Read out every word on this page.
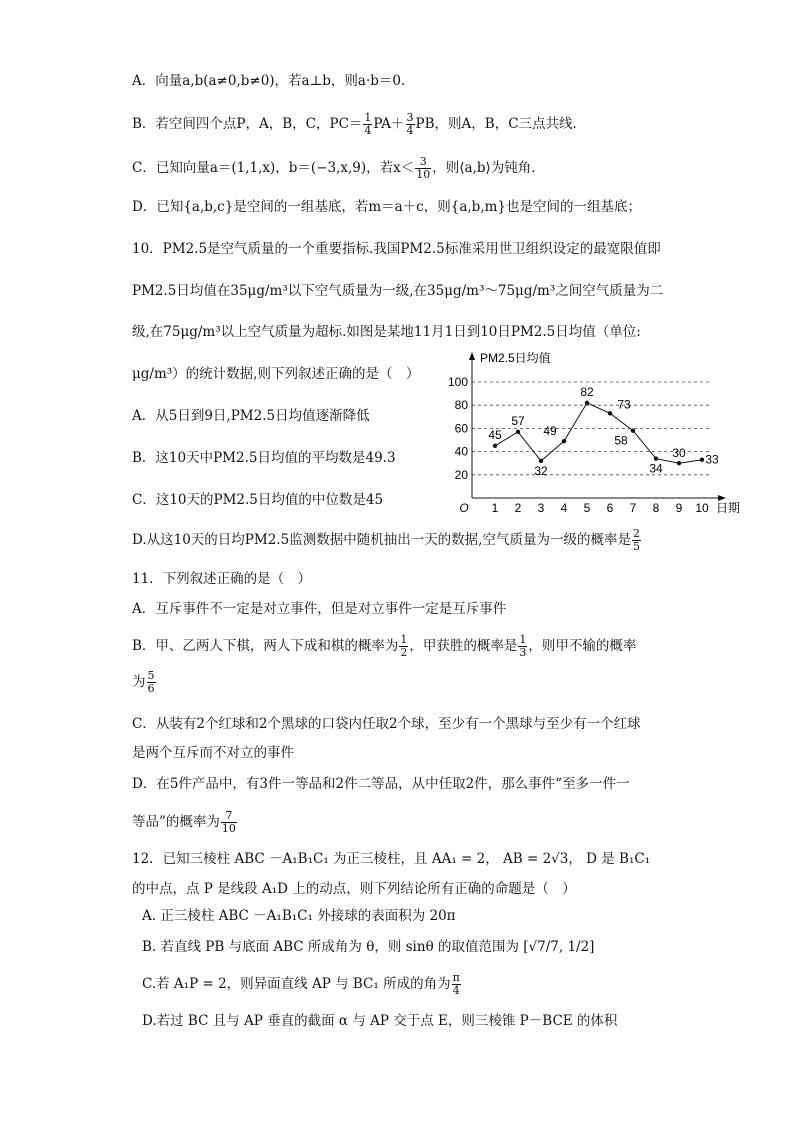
A．向量a,b(a≠0,b≠0)，若a⊥b，则a·b＝0．
B．若空间四个点P，A，B，C，$PC= \frac{1}{4} PA+ \frac{3}{4}$ PB，则A，B，C三点共线．
C．已知向量a＝(1,1,x)，b＝(−3,x,9)，若$x< \frac{3}{10}$ ，则⟨a,b⟩为钝角．
D．已知{a,b,c}是空间的一组基底，若m＝a＋c，则{a,b,m}也是空间的一组基底；
10．PM2.5是空气质量的一个重要指标.我国PM2.5标准采用世卫组织设定的最宽限值即
PM2.5日均值在35μg/m³以下空气质量为一级,在35μg/m³～75μg/m³之间空气质量为二
级,在75μg/m³以上空气质量为超标.如图是某地11月1日到10日PM2.5日均值（单位:
μg/m³）的统计数据,则下列叙述正确的是（　）
A．从5日到9日,PM2.5日均值逐渐降低
B．这10天中PM2.5日均值的平均数是49.3
C．这10天的PM2.5日均值的中位数是45
D.从这10天的日均PM2.5监测数据中随机抽出一天的数据,空气质量为一级的概率是 $\frac{2}{5}$
20
40
60
80
100
PM2.5日均值
O	日期
1 2 3 4 5 6 7 8 9 10
45
57
32
49
82
73
58
34
30 33
11．下列叙述正确的是（　）
A．互斥事件不一定是对立事件，但是对立事件一定是互斥事件
B．甲、乙两人下棋，两人下成和棋的概率为 $\frac{1}{2}$ ，甲获胜的概率是 $\frac{1}{3}$ ，则甲不输的概率
为 $\frac{5}{6}$
C．从装有2个红球和2个黑球的口袋内任取2个球，至少有一个黑球与至少有一个红球
是两个互斥而不对立的事件
D．在5件产品中，有3件一等品和2件二等品，从中任取2件，那么事件“至多一件一
等品”的概率为 $\frac{7}{10}$
12．已知三棱柱 ABC －A₁B₁C₁ 为正三棱柱，且 AA₁ = 2， AB = 2√3， D 是 B₁C₁
的中点，点 P 是线段 A₁D 上的动点，则下列结论所有正确的命题是（　）
A. 正三棱柱 ABC －A₁B₁C₁ 外接球的表面积为 20π
B. 若直线 PB 与底面 ABC 所成角为 θ，则 sinθ 的取值范围为 [√7/7, 1/2]
C.若 A₁P = 2，则异面直线 AP 与 BC₁ 所成的角为 $\frac{\pi}{4}$
D.若过 BC 且与 AP 垂直的截面 α 与 AP 交于点 E，则三棱锥 P－BCE 的体积
